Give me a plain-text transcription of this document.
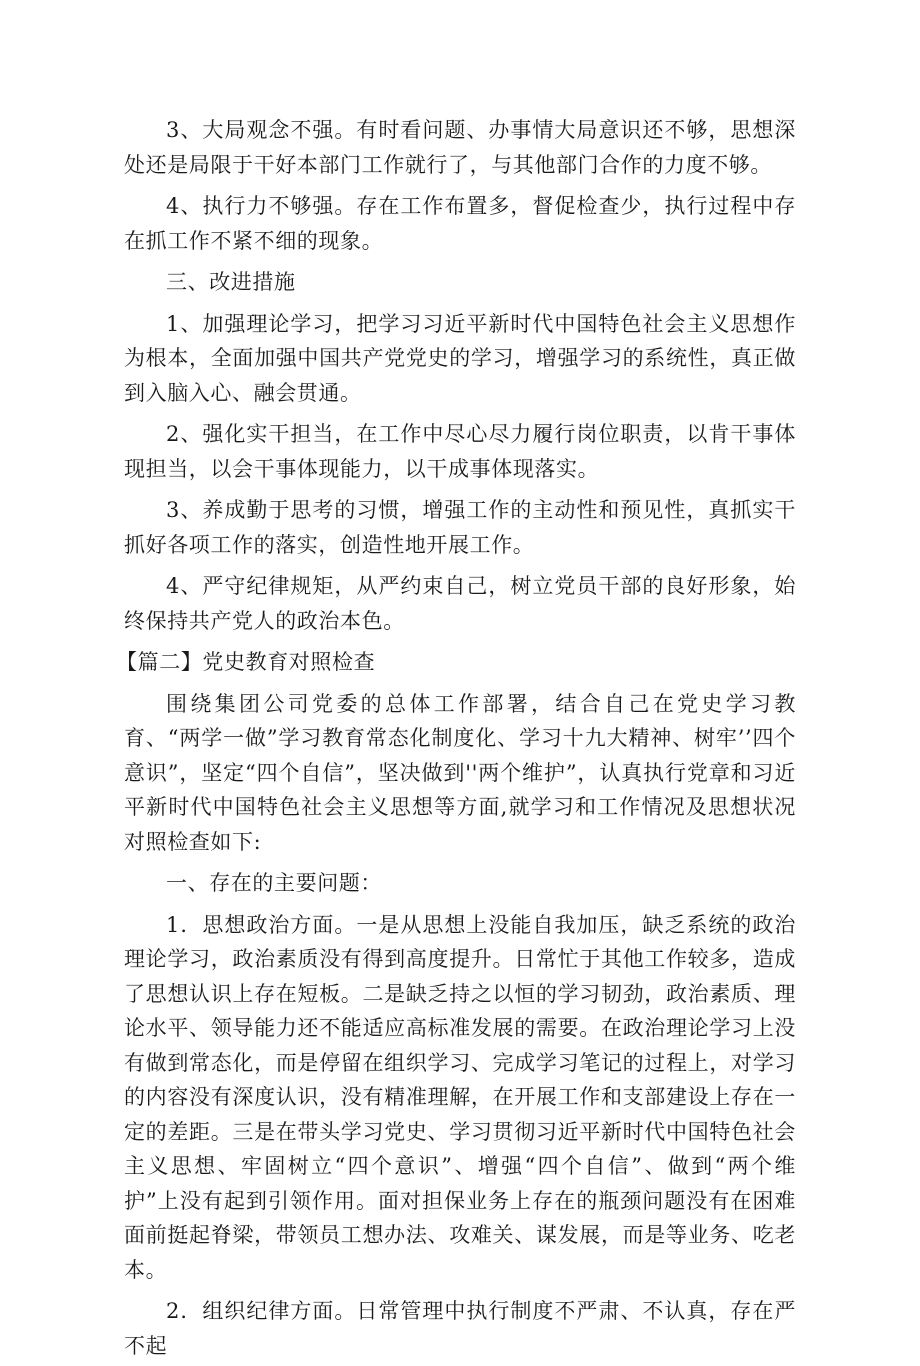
3、大局观念不强。有时看问题、办事情大局意识还不够，思想深处还是局限于干好本部门工作就行了，与其他部门合作的力度不够。

4、执行力不够强。存在工作布置多，督促检查少，执行过程中存在抓工作不紧不细的现象。

三、改进措施

1、加强理论学习，把学习习近平新时代中国特色社会主义思想作为根本，全面加强中国共产党党史的学习，增强学习的系统性，真正做到入脑入心、融会贯通。

2、强化实干担当，在工作中尽心尽力履行岗位职责，以肯干事体现担当，以会干事体现能力，以干成事体现落实。

3、养成勤于思考的习惯，增强工作的主动性和预见性，真抓实干抓好各项工作的落实，创造性地开展工作。

4、严守纪律规矩，从严约束自己，树立党员干部的良好形象，始终保持共产党人的政治本色。

【篇二】党史教育对照检查

围绕集团公司党委的总体工作部署，结合自己在党史学习教育、“两学一做”学习教育常态化制度化、学习十九大精神、树牢’’四个意识”，坚定“四个自信”，坚决做到''两个维护”，认真执行党章和习近平新时代中国特色社会主义思想等方面,就学习和工作情况及思想状况对照检查如下:

一、存在的主要问题：

1．思想政治方面。一是从思想上没能自我加压，缺乏系统的政治理论学习，政治素质没有得到高度提升。日常忙于其他工作较多，造成了思想认识上存在短板。二是缺乏持之以恒的学习韧劲，政治素质、理论水平、领导能力还不能适应高标准发展的需要。在政治理论学习上没有做到常态化，而是停留在组织学习、完成学习笔记的过程上，对学习的内容没有深度认识，没有精准理解，在开展工作和支部建设上存在一定的差距。三是在带头学习党史、学习贯彻习近平新时代中国特色社会主义思想、牢固树立“四个意识”、增强“四个自信”、做到“两个维护”上没有起到引领作用。面对担保业务上存在的瓶颈问题没有在困难面前挺起脊梁，带领员工想办法、攻难关、谋发展，而是等业务、吃老本。

2．组织纪律方面。日常管理中执行制度不严肃、不认真，存在严不起
